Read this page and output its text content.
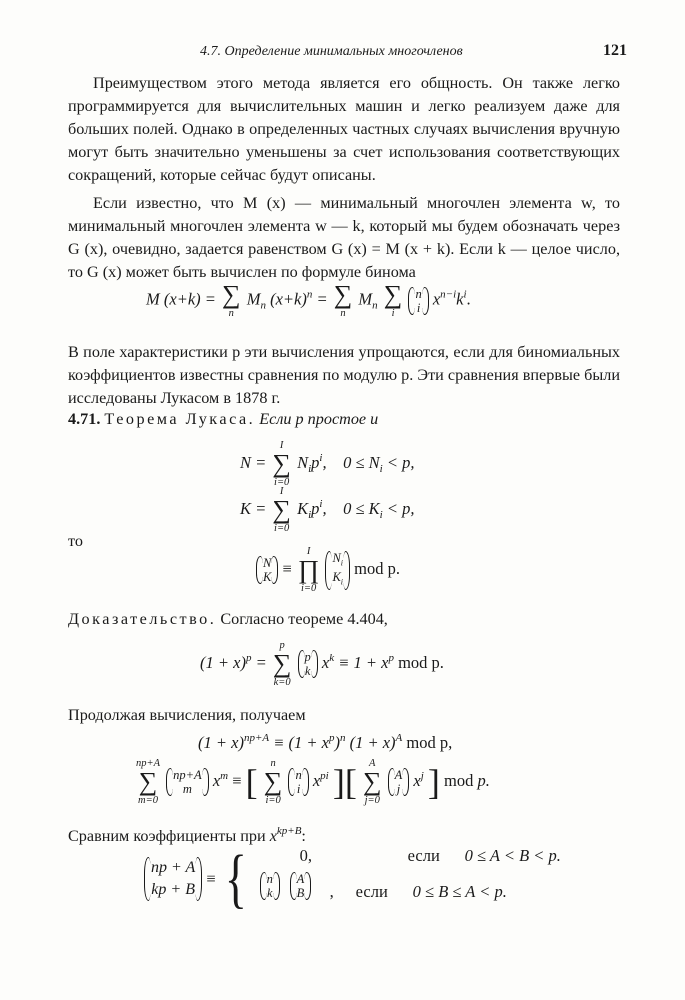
4.7. Определение минимальных многочленов	121
Преимуществом этого метода является его общность. Он также легко программируется для вычислительных машин и легко реализуем даже для больших полей. Однако в определенных частных случаях вычисления вручную могут быть значительно уменьшены за счет использования соответствующих сокращений, которые сейчас будут описаны.
Если известно, что M (x) — минимальный многочлен элемента w, то минимальный многочлен элемента w — k, который мы будем обозначать через G (x), очевидно, задается равенством G (x) = M (x + k). Если k — целое число, то G (x) может быть вычислен по формуле бинома
M (x+k) = ∑
n
$M_n$ $(x+k)^n$ = ∑
n
$M_n$ ∑
i

n
i $x^{n-i}k^i$.
В поле характеристики p эти вычисления упрощаются, если для биномиальных коэффициентов известны сравнения по модулю p. Эти сравнения впервые были исследованы Лукасом в 1878 г.
4.71. Теорема Лукаса. Если p простое и
N =
I
∑
i=0
$N_ip^i$,    $0 \le N_i < p$,
K =
I
∑
i=0
$K_ip^i$,    $0 \le K_i < p$,
то
N
K ≡
I
∏
i=0

$N_i$
$K_i$
mod p.
Доказательство. Согласно теореме 4.404,
$(1 + x)^p$ =
p
∑
k=0

p
k $x^k \equiv 1 + x^p$ mod p.
Продолжая вычисления, получаем
$(1 + x)^{np+A} \equiv (1 + x^p)^n$ $(1 + x)^A$ mod p,
np+A
∑
m=0

np+A
m	$x^m$ ≡ [	n
∑
i=0

n
i $x^{pi}$ ][	A
∑
j=0

A
j $x^j$ ] mod p.
Сравним коэффициенты при $x^{kp+B}$:
np + A
kp + B
≡ {	0,	если 0 ≤ A < B < p.
n
k
A
B , если 0 ≤ B ≤ A < p.
